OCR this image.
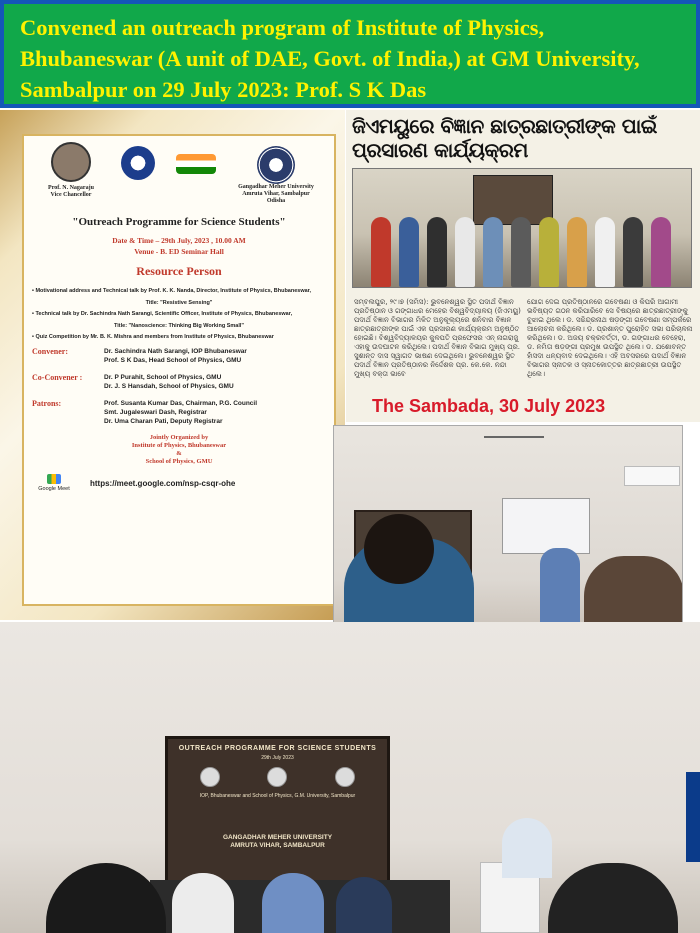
Convened an outreach program of Institute of Physics, Bhubaneswar (A unit of DAE, Govt. of India,) at GM University, Sambalpur on 29 July 2023: Prof. S K Das
Prof. N. Nagaraju
Vice Chancellor
Gangadhar Meher University
Amruta Vihar, Sambalpur
Odisha
"Outreach Programme for Science Students"
Date & Time – 29th July, 2023 , 10.00 AM
Venue - B. ED Seminar Hall
Resource Person
• Motivational address and Technical talk by Prof. K. K. Nanda, Director, Institute of Physics, Bhubaneswar,
Title: "Resistive Sensing"
• Technical talk by Dr. Sachindra Nath Sarangi, Scientific Officer, Institute of Physics, Bhubaneswar,
Title: "Nanoscience: Thinking Big Working Small"
• Quiz Competition by Mr. B. K. Mishra and members from Institute of Physics, Bhubaneswar
Convener:	Dr. Sachindra Nath Sarangi, IOP Bhubaneswar
Prof. S K Das, Head School of Physics, GMU
Co-Convener :	Dr. P Purahit, School of Physics, GMU
Dr. J. S Hansdah, School of Physics, GMU
Patrons:	Prof. Susanta Kumar Das, Chairman, P.G. Council
Smt. Jugaleswari Dash, Registrar
Dr. Uma Charan Pati, Deputy Registrar
Jointly Organized by
Institute of Physics, Bhubaneswar
&
School of Physics, GMU
Google Meet
https://meet.google.com/nsp-csqr-ohe
ଜିଏମୟୁରେ ବିଜ୍ଞାନ ଛାତ୍ରଛାତ୍ରୀଙ୍କ ପାଇଁ ପ୍ରସାରଣ କାର୍ଯ୍ୟକ୍ରମ
ସମ୍ବଲପୁର, ୨୯।୭ (ସମିସ): ଭୁବନେଶ୍ୱର ସ୍ଥିତ ପଦାର୍ଥ ବିଜ୍ଞାନ ପ୍ରତିଷ୍ଠାନ ଓ ଗଙ୍ଗାଧର ମେହେର ବିଶ୍ୱବିଦ୍ୟାଳୟ (ଜିଏମୟୁ) ପଦାର୍ଥ ବିଜ୍ଞାନ ବିଭାଗର ମିଳିତ ଅନୁକୂଲ୍ୟରେ ଶନିବାର ବିଜ୍ଞାନ ଛାତ୍ରଛାତ୍ରୀଙ୍କ ପାଇଁ ଏକ ପ୍ରସାରଣ କାର୍ଯ୍ୟକ୍ରମ ଅନୁଷ୍ଠିତ ହୋଇଛି। ବିଶ୍ୱବିଦ୍ୟାଳୟର କୁଳପତି ପ୍ରଫେସର ଏନ୍ ନାଗରାଜୁ ଏହାକୁ ଉଦଘାଟନ କରିଥିଲେ। ପଦାର୍ଥ ବିଜ୍ଞାନ ବିଭାଗ ମୁଖ୍ୟ ପ୍ର. ସୁଶାନ୍ତ ଦାସ ସ୍ୱାଗତ ଭାଷଣ ଦେଇଥିଲେ। ଭୁବନେଶ୍ୱର ସ୍ଥିତ ପଦାର୍ଥ ବିଜ୍ଞାନ ପ୍ରତିଷ୍ଠାନର ନିର୍ଦ୍ଦେଶକ ପ୍ର. କେ.କେ. ନନ୍ଦା ମୁଖ୍ୟ ବକ୍ତା ଭାବେ
ଯୋଗ ଦେଇ ପ୍ରତିଷ୍ଠାନରେ ଗବେଷଣା ଓ କିପରି ଆଗାମୀ ଭବିଷ୍ୟତ ଗଠନ କରିପାରିବେ ସେ ବିଷୟରେ ଛାତ୍ରଛାତ୍ରୀଙ୍କୁ ବୁଝାଇ ଥିଲେ। ଡ. ସଚ୍ଚିନ୍ଦ୍ରନାଥ ଷଡ଼ଙ୍ଗୀ ଗବେଷଣା ସମ୍ପର୍କରେ ଆଲୋଚନା କରିଥିଲେ। ଡ. ପ୍ରଶାନ୍ତ ପୁରୋହିତ ସଭା ପରିଚାଳନା କରିଥିଲେ। ଡ. ଅଜୟ ଚକ୍ରବର୍ତ୍ତୀ, ଡ. ଗଙ୍ଗାଧର ବେହେରା, ଡ. ନମିତା ଷଡ଼ଙ୍ଗୀ ପ୍ରମୁଖ ଉପସ୍ଥିତ ଥିଲେ। ଡ. ଯଶୋବନ୍ତ ହାଁସଦା ଧନ୍ୟବାଦ ଦେଇଥିଲେ। ଏହି ଅବସରରେ ପଦାର୍ଥ ବିଜ୍ଞାନ ବିଭାଗର ସ୍ନାତକ ଓ ସ୍ନାତକୋତ୍ତର ଛାତ୍ରଛାତ୍ରୀ ଉପସ୍ଥିତ ଥିଲେ।
The Sambada, 30 July 2023
OUTREACH PROGRAMME FOR SCIENCE STUDENTS
29th July 2023
IOP, Bhubaneswar and School of Physics, G.M. University, Sambalpur
GANGADHAR MEHER UNIVERSITY
AMRUTA VIHAR, SAMBALPUR
